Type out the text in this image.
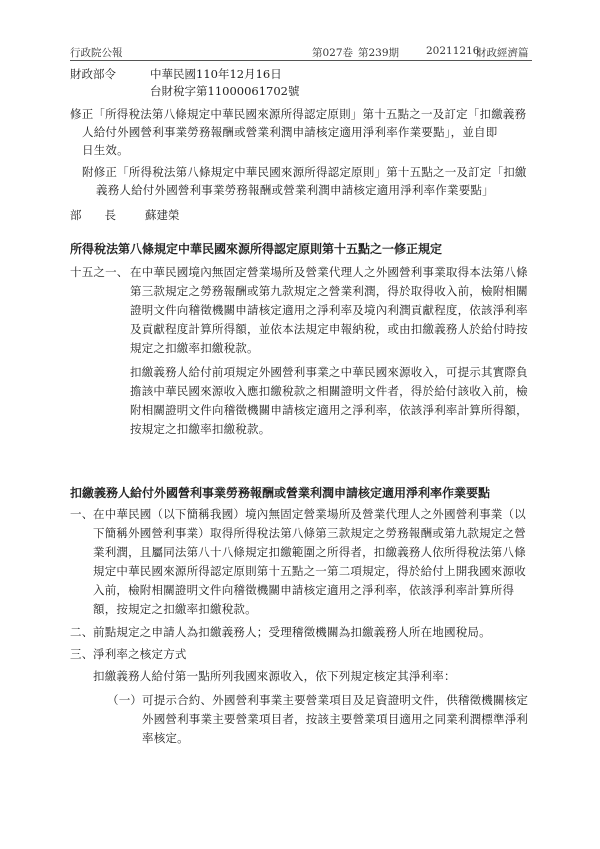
行政院公報	第027卷 第239期	20211216
財政經濟篇
財政部令	中華民國110年12月16日
台財稅字第11000061702號
修正「所得稅法第八條規定中華民國來源所得認定原則」第十五點之一及訂定「扣繳義務
人給付外國營利事業勞務報酬或營業利潤申請核定適用淨利率作業要點」，並自即
日生效。
附修正「所得稅法第八條規定中華民國來源所得認定原則」第十五點之一及訂定「扣繳
義務人給付外國營利事業勞務報酬或營業利潤申請核定適用淨利率作業要點」
部　　長	蘇建榮
所得稅法第八條規定中華民國來源所得認定原則第十五點之一修正規定
十五之一、 在中華民國境內無固定營業場所及營業代理人之外國營利事業取得本法第八條
第三款規定之勞務報酬或第九款規定之營業利潤，得於取得收入前，檢附相關
證明文件向稽徵機關申請核定適用之淨利率及境內利潤貢獻程度，依該淨利率
及貢獻程度計算所得額，並依本法規定申報納稅，或由扣繳義務人於給付時按
規定之扣繳率扣繳稅款。
扣繳義務人給付前項規定外國營利事業之中華民國來源收入，可提示其實際負
擔該中華民國來源收入應扣繳稅款之相關證明文件者，得於給付該收入前，檢
附相關證明文件向稽徵機關申請核定適用之淨利率，依該淨利率計算所得額，
按規定之扣繳率扣繳稅款。
扣繳義務人給付外國營利事業勞務報酬或營業利潤申請核定適用淨利率作業要點
一、 在中華民國（以下簡稱我國）境內無固定營業場所及營業代理人之外國營利事業（以
下簡稱外國營利事業）取得所得稅法第八條第三款規定之勞務報酬或第九款規定之營
業利潤，且屬同法第八十八條規定扣繳範圍之所得者，扣繳義務人依所得稅法第八條
規定中華民國來源所得認定原則第十五點之一第二項規定，得於給付上開我國來源收
入前，檢附相關證明文件向稽徵機關申請核定適用之淨利率，依該淨利率計算所得
額，按規定之扣繳率扣繳稅款。
二、 前點規定之申請人為扣繳義務人；受理稽徵機關為扣繳義務人所在地國稅局。
三、 淨利率之核定方式
扣繳義務人給付第一點所列我國來源收入，依下列規定核定其淨利率：
（一） 可提示合約、外國營利事業主要營業項目及足資證明文件，供稽徵機關核定
外國營利事業主要營業項目者，按該主要營業項目適用之同業利潤標準淨利
率核定。
